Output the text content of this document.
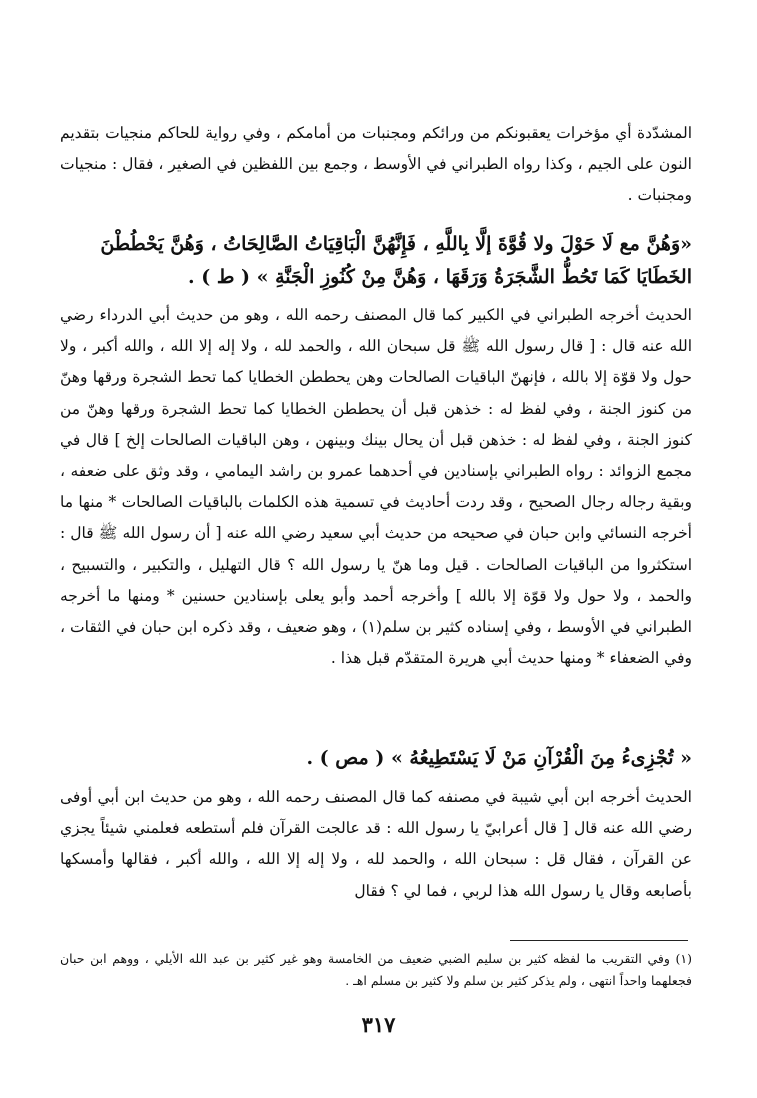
المشدّدة أي مؤخرات يعقبونكم من ورائكم ومجنبات من أمامكم ، وفي رواية للحاكم منجيات بتقديم النون على الجيم ، وكذا رواه الطبراني في الأوسط ، وجمع بين اللفظين في الصغير ، فقال : منجيات ومجنبات .

«وَهُنَّ مع لَا حَوْلَ ولا قُوَّةَ إلَّا بِاللَّهِ ، فَإِنَّهُنَّ الْبَاقِيَاتُ الصَّالِحَاتُ ، وَهُنَّ يَحْطُطْنَ الخَطَايَا كَمَا تَحُطُّ الشَّجَرَةُ وَرَقَهَا ، وَهُنَّ مِنْ كُنُوزِ الْجَنَّةِ » ( ط ) .

الحديث أخرجه الطبراني في الكبير كما قال المصنف رحمه الله ، وهو من حديث أبي الدرداء رضي الله عنه قال : [ قال رسول الله ﷺ قل سبحان الله ، والحمد لله ، ولا إله إلا الله ، والله أكبر ، ولا حول ولا قوّة إلا بالله ، فإنهنّ الباقيات الصالحات وهن يحططن الخطايا كما تحط الشجرة ورقها وهنّ من كنوز الجنة ، وفي لفظ له : خذهن قبل أن يحططن الخطايا كما تحط الشجرة ورقها وهنّ من كنوز الجنة ، وفي لفظ له : خذهن قبل أن يحال بينك وبينهن ، وهن الباقيات الصالحات إلخ ] قال في مجمع الزوائد : رواه الطبراني بإسنادين في أحدهما عمرو بن راشد اليمامي ، وقد وثق على ضعفه ، وبقية رجاله رجال الصحيح ، وقد ردت أحاديث في تسمية هذه الكلمات بالباقيات الصالحات * منها ما أخرجه النسائي وابن حبان في صحيحه من حديث أبي سعيد رضي الله عنه [ أن رسول الله ﷺ قال : استكثروا من الباقيات الصالحات . قيل وما هنّ يا رسول الله ؟ قال التهليل ، والتكبير ، والتسبيح ، والحمد ، ولا حول ولا قوّة إلا بالله ] وأخرجه أحمد وأبو يعلى بإسنادين حسنين * ومنها ما أخرجه الطبراني في الأوسط ، وفي إسناده كثير بن سلم(١) ، وهو ضعيف ، وقد ذكره ابن حبان في الثقات ، وفي الضعفاء * ومنها حديث أبي هريرة المتقدّم قبل هذا .

« تُجْزِىءُ مِنَ الْقُرْآنِ مَنْ لَا يَسْتَطِيعُهُ » ( مص ) .

الحديث أخرجه ابن أبي شيبة في مصنفه كما قال المصنف رحمه الله ، وهو من حديث ابن أبي أوفى رضي الله عنه قال [ قال أعرابيّ يا رسول الله : قد عالجت القرآن فلم أستطعه فعلمني شيئاً يجزي عن القرآن ، فقال قل : سبحان الله ، والحمد لله ، ولا إله إلا الله ، والله أكبر ، فقالها وأمسكها بأصابعه وقال يا رسول الله هذا لربي ، فما لي ؟ فقال

(١) وفي التقريب ما لفظه كثير بن سليم الضبي ضعيف من الخامسة وهو غير كثير بن عبد الله الأيلي ، ووهم ابن حبان فجعلهما واحداً انتهى ، ولم يذكر كثير بن سلم ولا كثير بن مسلم اهـ .

٣١٧
